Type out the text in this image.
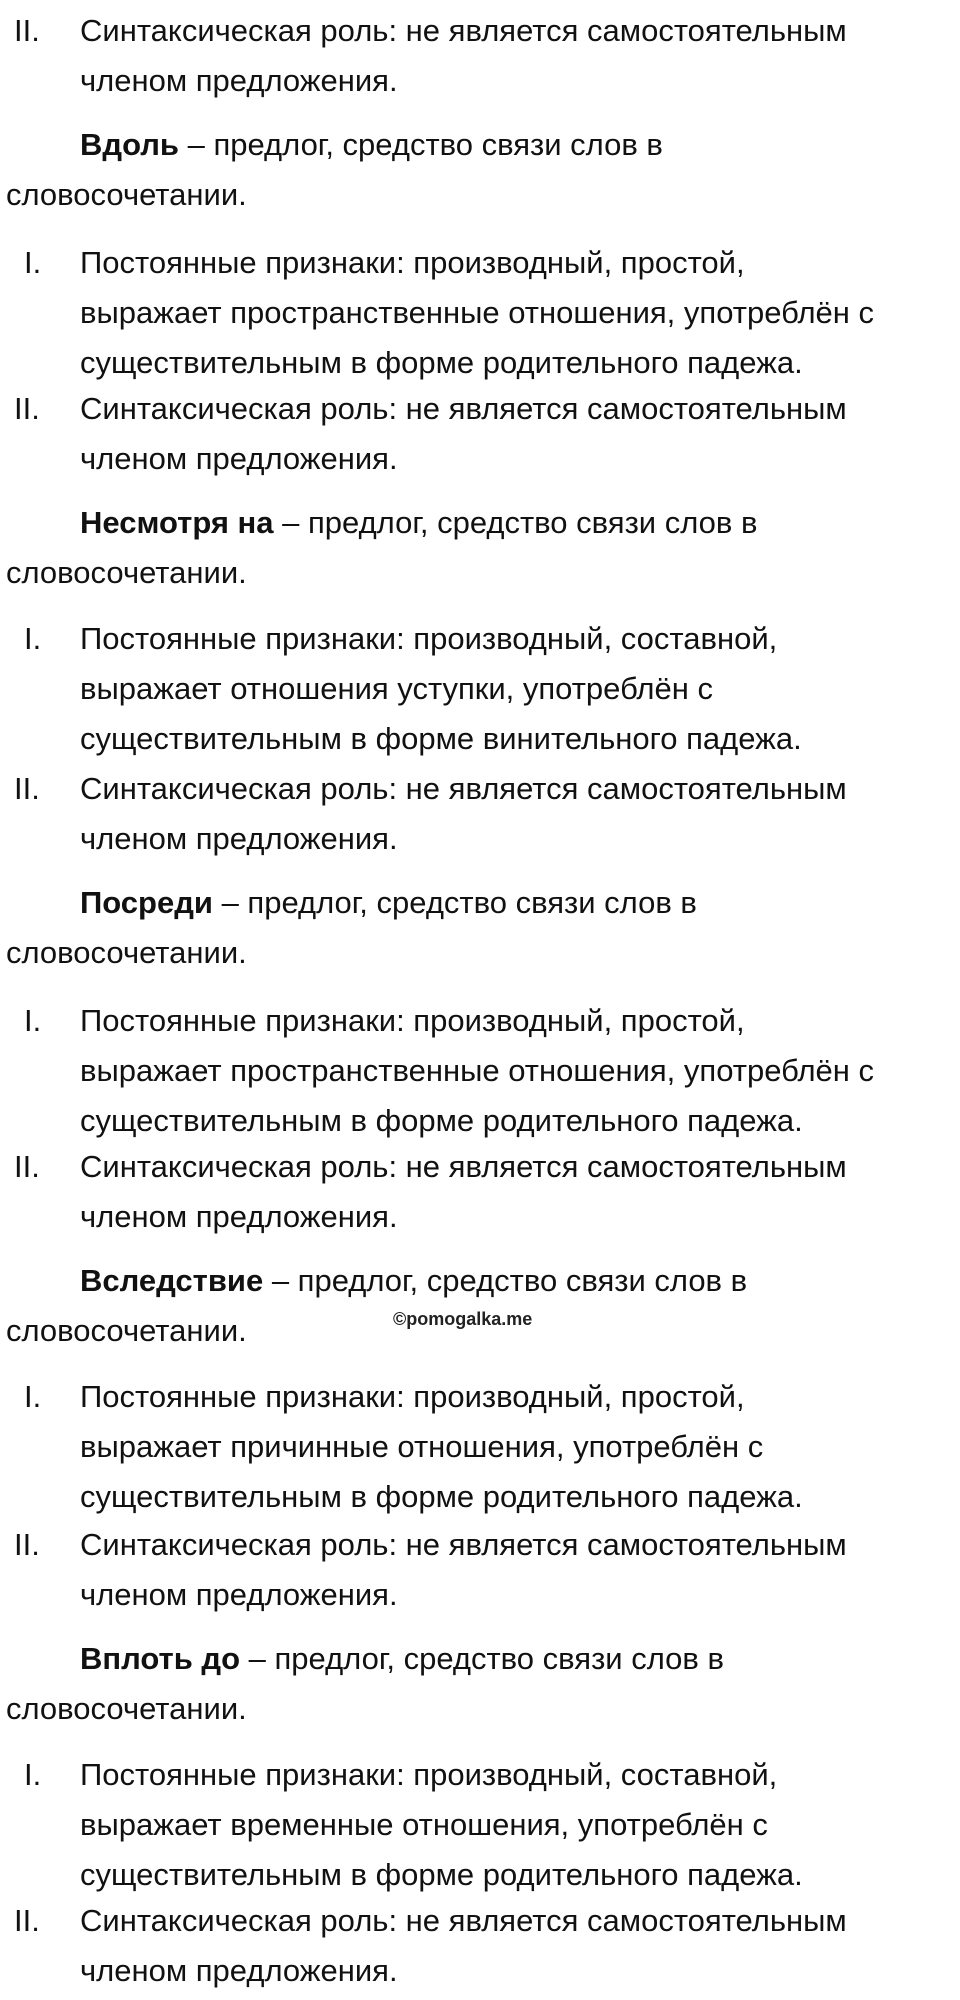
II. Синтаксическая роль: не является самостоятельным
членом предложения.
Вдоль – предлог, средство связи слов в
словосочетании.
I. Постоянные признаки: производный, простой,
выражает пространственные отношения, употреблён с
существительным в форме родительного падежа.
II. Синтаксическая роль: не является самостоятельным
членом предложения.
Несмотря на – предлог, средство связи слов в
словосочетании.
I. Постоянные признаки: производный, составной,
выражает отношения уступки, употреблён с
существительным в форме винительного падежа.
II. Синтаксическая роль: не является самостоятельным
членом предложения.
Посреди – предлог, средство связи слов в
словосочетании.
I. Постоянные признаки: производный, простой,
выражает пространственные отношения, употреблён с
существительным в форме родительного падежа.
II. Синтаксическая роль: не является самостоятельным
членом предложения.
Вследствие – предлог, средство связи слов в
словосочетании.	©pomogalka.me
I. Постоянные признаки: производный, простой,
выражает причинные отношения, употреблён с
существительным в форме родительного падежа.
II. Синтаксическая роль: не является самостоятельным
членом предложения.
Вплоть до – предлог, средство связи слов в
словосочетании.
I. Постоянные признаки: производный, составной,
выражает временные отношения, употреблён с
существительным в форме родительного падежа.
II. Синтаксическая роль: не является самостоятельным
членом предложения.
